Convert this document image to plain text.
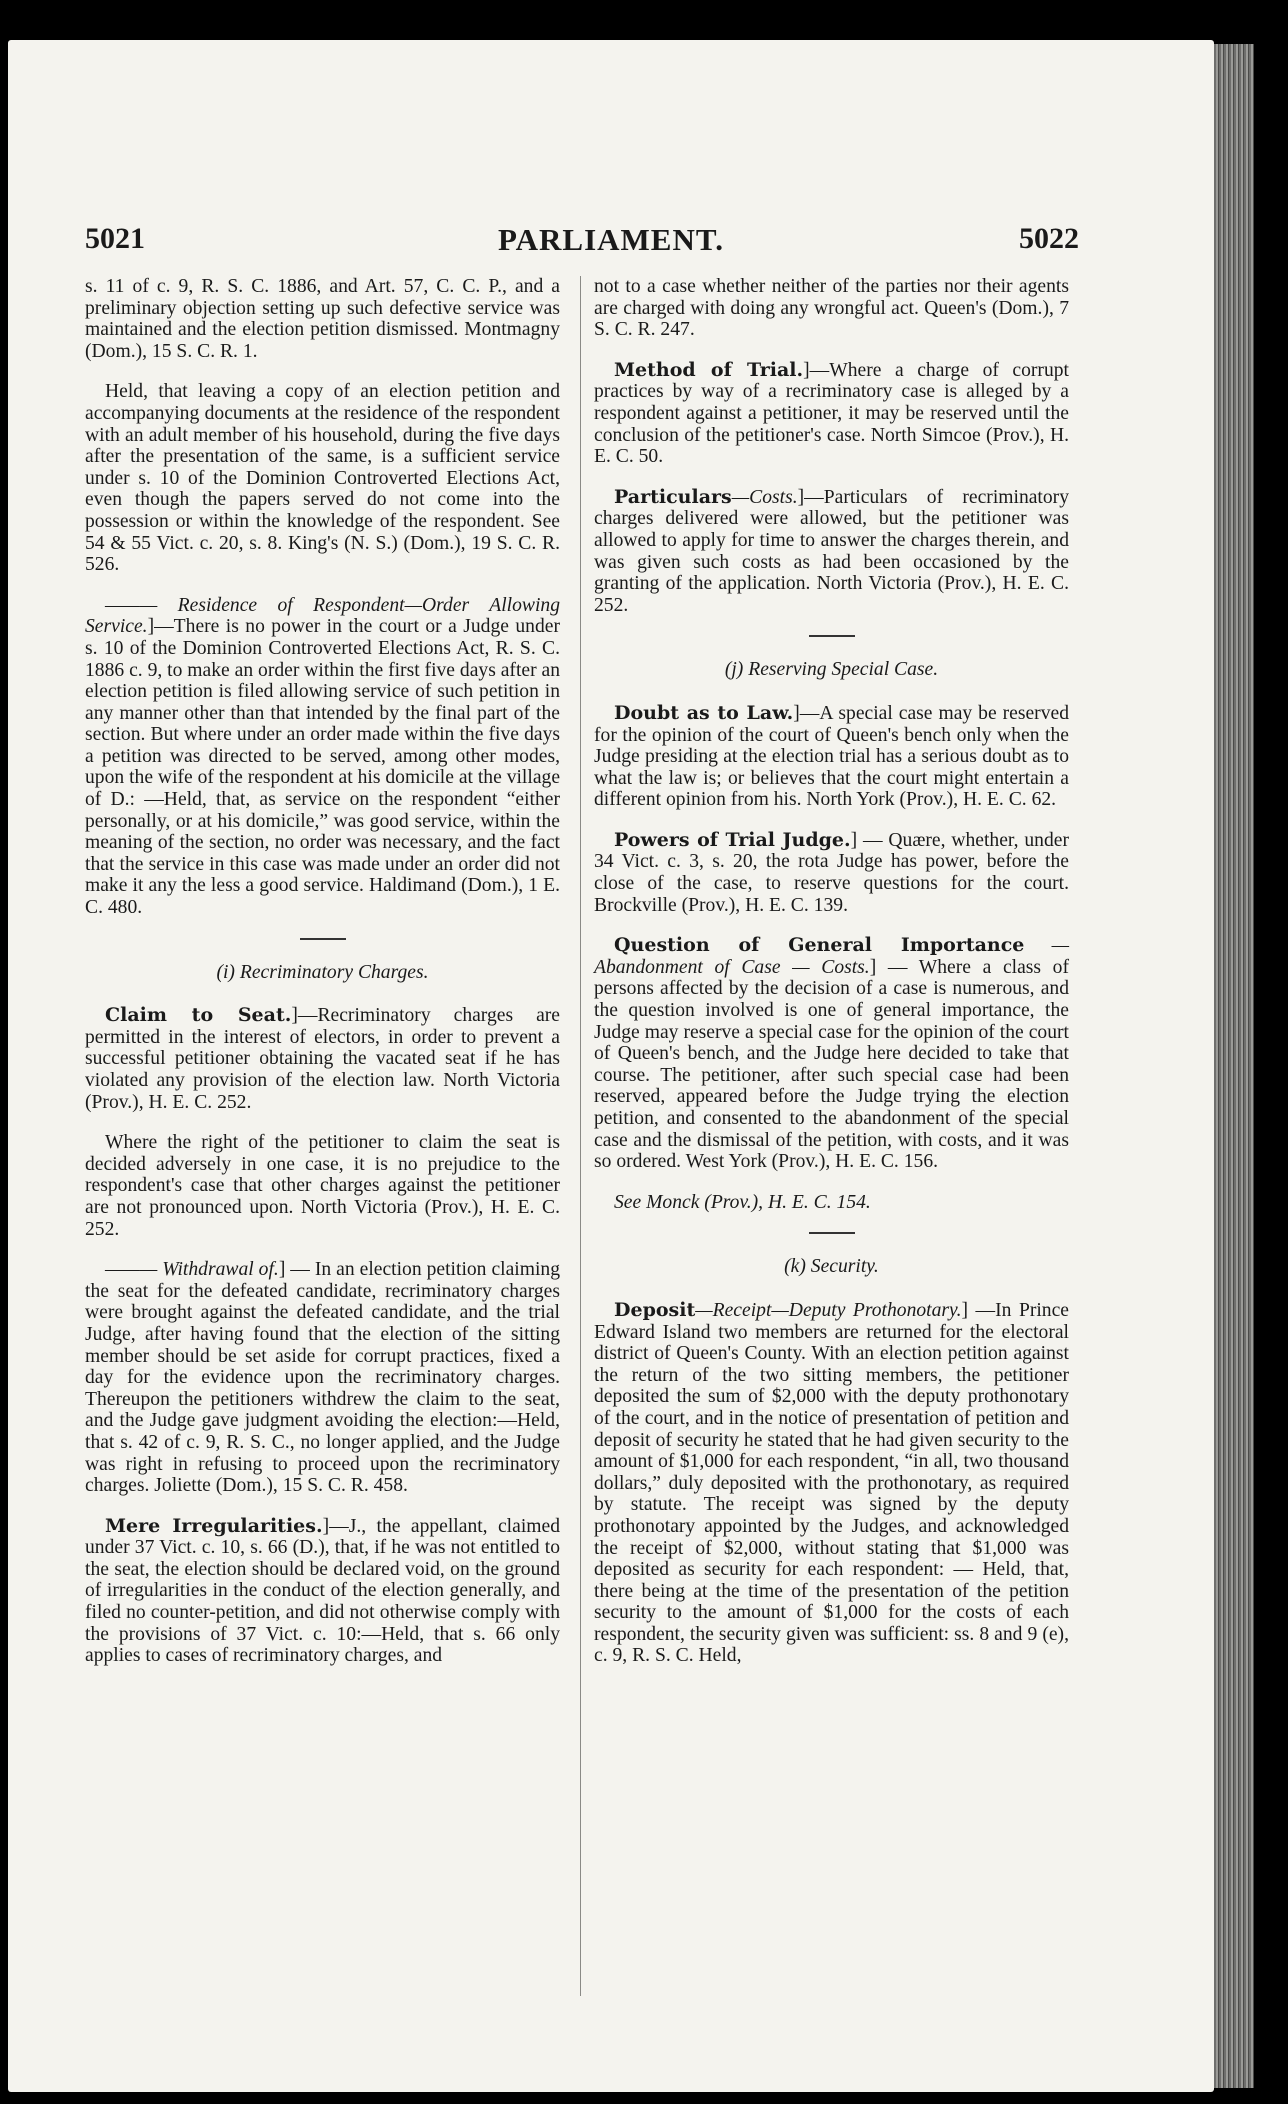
5021	PARLIAMENT.	5022

s. 11 of c. 9, R. S. C. 1886, and Art. 57, C. C. P., and a preliminary objection setting up such defective service was maintained and the election petition dismissed. Montmagny (Dom.), 15 S. C. R. 1.

Held, that leaving a copy of an election petition and accompanying documents at the residence of the respondent with an adult member of his household, during the five days after the presentation of the same, is a sufficient service under s. 10 of the Dominion Controverted Elections Act, even though the papers served do not come into the possession or within the knowledge of the respondent. See 54 & 55 Vict. c. 20, s. 8. King's (N. S.) (Dom.), 19 S. C. R. 526.

——— Residence of Respondent—Order Allowing Service.]—There is no power in the court or a Judge under s. 10 of the Dominion Controverted Elections Act, R. S. C. 1886 c. 9, to make an order within the first five days after an election petition is filed allowing service of such petition in any manner other than that intended by the final part of the section. But where under an order made within the five days a petition was directed to be served, among other modes, upon the wife of the respondent at his domicile at the village of D.: —Held, that, as service on the respondent “either personally, or at his domicile,” was good service, within the meaning of the section, no order was necessary, and the fact that the service in this case was made under an order did not make it any the less a good service. Haldimand (Dom.), 1 E. C. 480.

(i) Recriminatory Charges.

Claim to Seat.]—Recriminatory charges are permitted in the interest of electors, in order to prevent a successful petitioner obtaining the vacated seat if he has violated any provision of the election law. North Victoria (Prov.), H. E. C. 252.

Where the right of the petitioner to claim the seat is decided adversely in one case, it is no prejudice to the respondent's case that other charges against the petitioner are not pronounced upon. North Victoria (Prov.), H. E. C. 252.

——— Withdrawal of.] — In an election petition claiming the seat for the defeated candidate, recriminatory charges were brought against the defeated candidate, and the trial Judge, after having found that the election of the sitting member should be set aside for corrupt practices, fixed a day for the evidence upon the recriminatory charges. Thereupon the petitioners withdrew the claim to the seat, and the Judge gave judgment avoiding the election:—Held, that s. 42 of c. 9, R. S. C., no longer applied, and the Judge was right in refusing to proceed upon the recriminatory charges. Joliette (Dom.), 15 S. C. R. 458.

Mere Irregularities.]—J., the appellant, claimed under 37 Vict. c. 10, s. 66 (D.), that, if he was not entitled to the seat, the election should be declared void, on the ground of irregularities in the conduct of the election generally, and filed no counter-petition, and did not otherwise comply with the provisions of 37 Vict. c. 10:—Held, that s. 66 only applies to cases of recriminatory charges, and

not to a case whether neither of the parties nor their agents are charged with doing any wrongful act. Queen's (Dom.), 7 S. C. R. 247.

Method of Trial.]—Where a charge of corrupt practices by way of a recriminatory case is alleged by a respondent against a petitioner, it may be reserved until the conclusion of the petitioner's case. North Simcoe (Prov.), H. E. C. 50.

Particulars—Costs.]—Particulars of recriminatory charges delivered were allowed, but the petitioner was allowed to apply for time to answer the charges therein, and was given such costs as had been occasioned by the granting of the application. North Victoria (Prov.), H. E. C. 252.

(j) Reserving Special Case.

Doubt as to Law.]—A special case may be reserved for the opinion of the court of Queen's bench only when the Judge presiding at the election trial has a serious doubt as to what the law is; or believes that the court might entertain a different opinion from his. North York (Prov.), H. E. C. 62.

Powers of Trial Judge.] — Quære, whether, under 34 Vict. c. 3, s. 20, the rota Judge has power, before the close of the case, to reserve questions for the court. Brockville (Prov.), H. E. C. 139.

Question of General Importance — Abandonment of Case — Costs.] — Where a class of persons affected by the decision of a case is numerous, and the question involved is one of general importance, the Judge may reserve a special case for the opinion of the court of Queen's bench, and the Judge here decided to take that course. The petitioner, after such special case had been reserved, appeared before the Judge trying the election petition, and consented to the abandonment of the special case and the dismissal of the petition, with costs, and it was so ordered. West York (Prov.), H. E. C. 156.

See Monck (Prov.), H. E. C. 154.

(k) Security.

Deposit—Receipt—Deputy Prothonotary.] —In Prince Edward Island two members are returned for the electoral district of Queen's County. With an election petition against the return of the two sitting members, the petitioner deposited the sum of $2,000 with the deputy prothonotary of the court, and in the notice of presentation of petition and deposit of security he stated that he had given security to the amount of $1,000 for each respondent, “in all, two thousand dollars,” duly deposited with the prothonotary, as required by statute. The receipt was signed by the deputy prothonotary appointed by the Judges, and acknowledged the receipt of $2,000, without stating that $1,000 was deposited as security for each respondent: — Held, that, there being at the time of the presentation of the petition security to the amount of $1,000 for the costs of each respondent, the security given was sufficient: ss. 8 and 9 (e), c. 9, R. S. C. Held,
